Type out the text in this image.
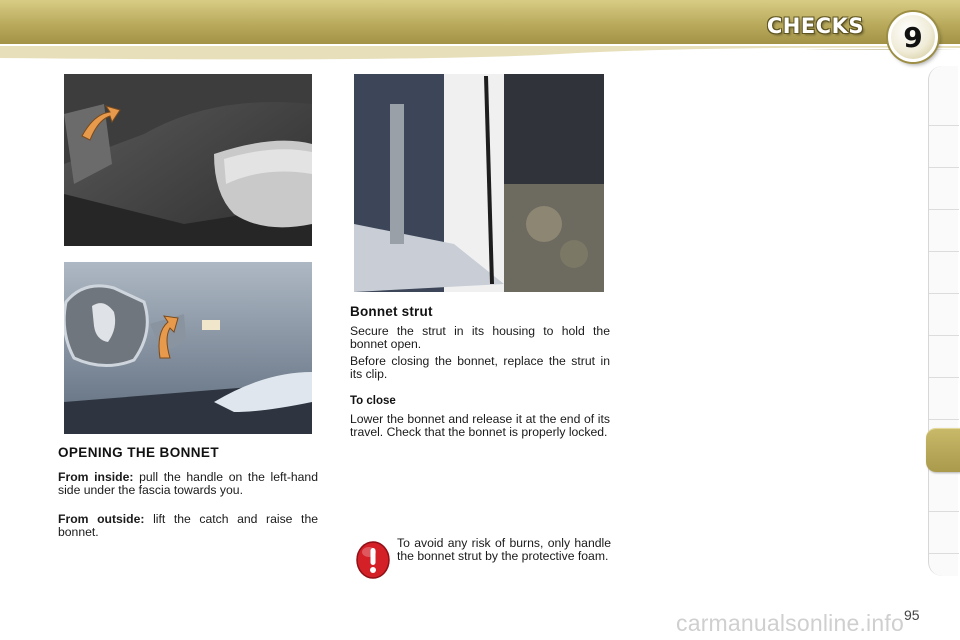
CHECKS 9
OPENING THE BONNET

From inside: pull the handle on the left-hand side under the fascia towards you.

From outside: lift the catch and raise the bonnet.

Bonnet strut

Secure the strut in its housing to hold the bonnet open.

Before closing the bonnet, replace the strut in its clip.

To close

Lower the bonnet and release it at the end of its travel. Check that the bonnet is properly locked.

To avoid any risk of burns, only handle the bonnet strut by the protective foam.

95
carmanualsonline.info
